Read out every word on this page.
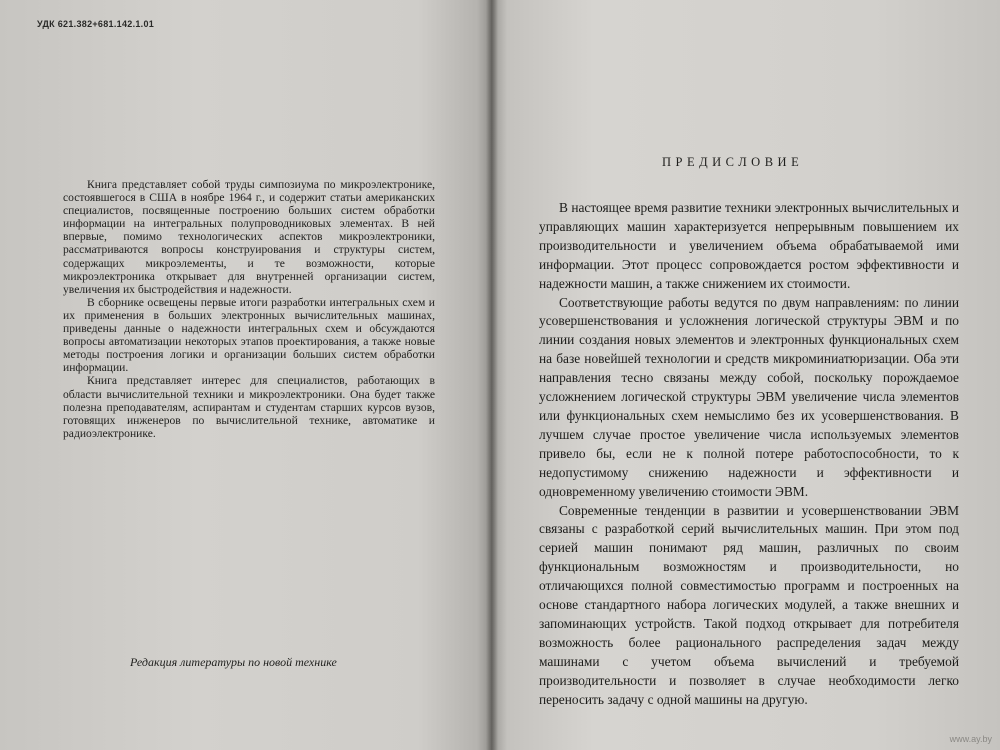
УДК 621.382+681.142.1.01

Книга представляет собой труды симпозиума по микроэлектронике, состоявшегося в США в ноябре 1964 г., и содержит статьи американских специалистов, посвященные построению больших систем обработки информации на интегральных полупроводниковых элементах. В ней впервые, помимо технологических аспектов микроэлектроники, рассматриваются вопросы конструирования и структуры систем, содержащих микроэлементы, и те возможности, которые микроэлектроника открывает для внутренней организации систем, увеличения их быстродействия и надежности.

В сборнике освещены первые итоги разработки интегральных схем и их применения в больших электронных вычислительных машинах, приведены данные о надежности интегральных схем и обсуждаются вопросы автоматизации некоторых этапов проектирования, а также новые методы построения логики и организации больших систем обработки информации.

Книга представляет интерес для специалистов, работающих в области вычислительной техники и микроэлектроники. Она будет также полезна преподавателям, аспирантам и студентам старших курсов вузов, готовящих инженеров по вычислительной технике, автоматике и радиоэлектронике.

Редакция литературы по новой технике
ПРЕДИСЛОВИЕ

В настоящее время развитие техники электронных вычислительных и управляющих машин характеризуется непрерывным повышением их производительности и увеличением объема обрабатываемой ими информации. Этот процесс сопровождается ростом эффективности и надежности машин, а также снижением их стоимости.

Соответствующие работы ведутся по двум направлениям: по линии усовершенствования и усложнения логической структуры ЭВМ и по линии создания новых элементов и электронных функциональных схем на базе новейшей технологии и средств микроминиатюризации. Оба эти направления тесно связаны между собой, поскольку порождаемое усложнением логической структуры ЭВМ увеличение числа элементов или функциональных схем немыслимо без их усовершенствования. В лучшем случае простое увеличение числа используемых элементов привело бы, если не к полной потере работоспособности, то к недопустимому снижению надежности и эффективности и одновременному увеличению стоимости ЭВМ.

Современные тенденции в развитии и усовершенствовании ЭВМ связаны с разработкой серий вычислительных машин. При этом под серией машин понимают ряд машин, различных по своим функциональным возможностям и производительности, но отличающихся полной совместимостью программ и построенных на основе стандартного набора логических модулей, а также внешних и запоминающих устройств. Такой подход открывает для потребителя возможность более рационального распределения задач между машинами с учетом объема вычислений и требуемой производительности и позволяет в случае необходимости легко переносить задачу с одной машины на другую.

www.ay.by
